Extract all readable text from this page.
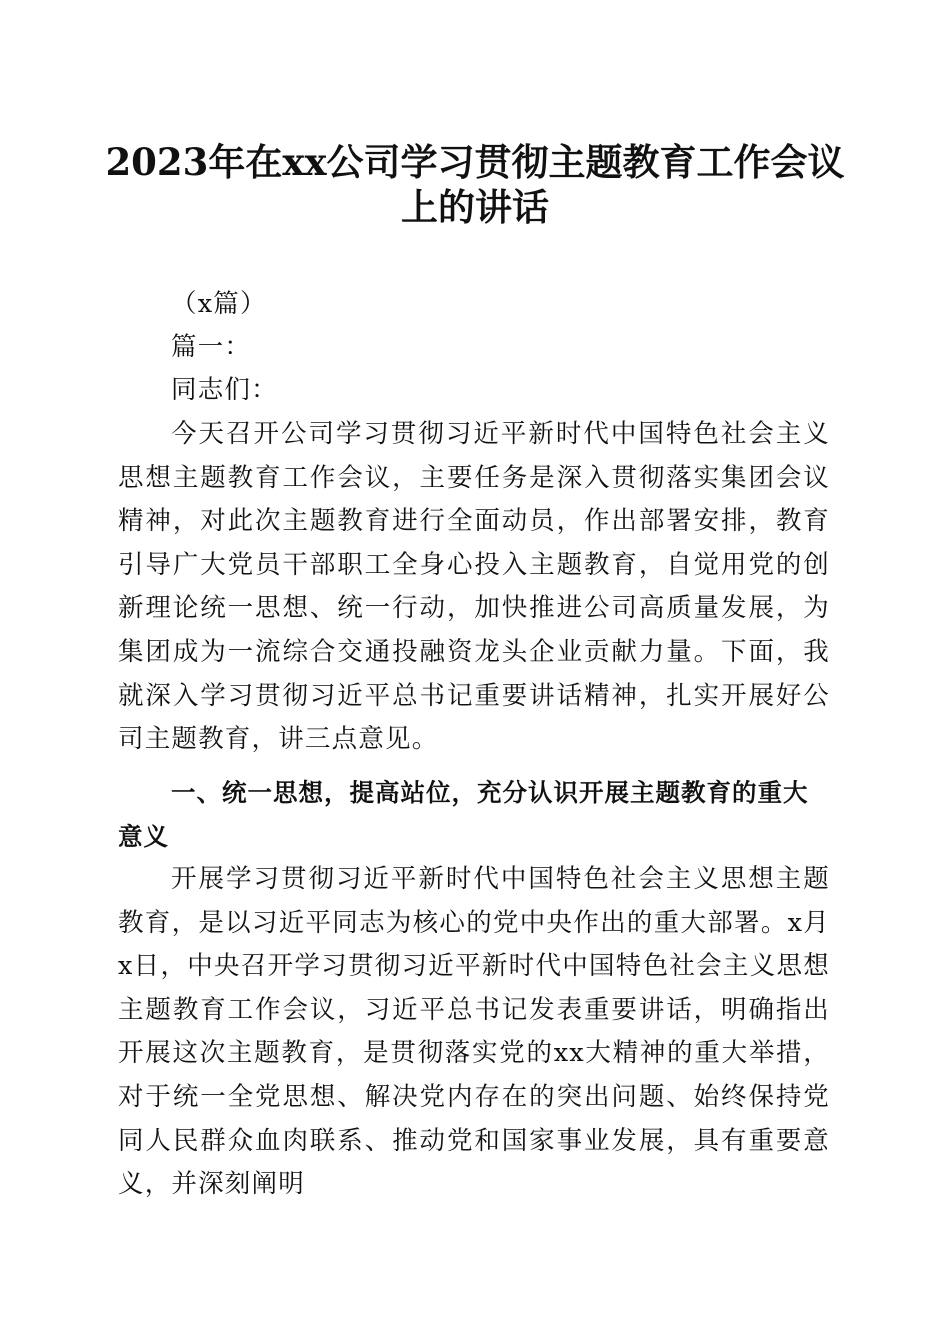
2023年在xx公司学习贯彻主题教育工作会议
上的讲话
（x篇）
篇一：
同志们：
今天召开公司学习贯彻习近平新时代中国特色社会主义思想主题教育工作会议，主要任务是深入贯彻落实集团会议精神，对此次主题教育进行全面动员，作出部署安排，教育引导广大党员干部职工全身心投入主题教育，自觉用党的创新理论统一思想、统一行动，加快推进公司高质量发展，为集团成为一流综合交通投融资龙头企业贡献力量。下面，我就深入学习贯彻习近平总书记重要讲话精神，扎实开展好公司主题教育，讲三点意见。
一、统一思想，提高站位，充分认识开展主题教育的重大意义
开展学习贯彻习近平新时代中国特色社会主义思想主题教育，是以习近平同志为核心的党中央作出的重大部署。x月x日，中央召开学习贯彻习近平新时代中国特色社会主义思想主题教育工作会议，习近平总书记发表重要讲话，明确指出开展这次主题教育，是贯彻落实党的xx大精神的重大举措，对于统一全党思想、解决党内存在的突出问题、始终保持党同人民群众血肉联系、推动党和国家事业发展，具有重要意义，并深刻阐明
